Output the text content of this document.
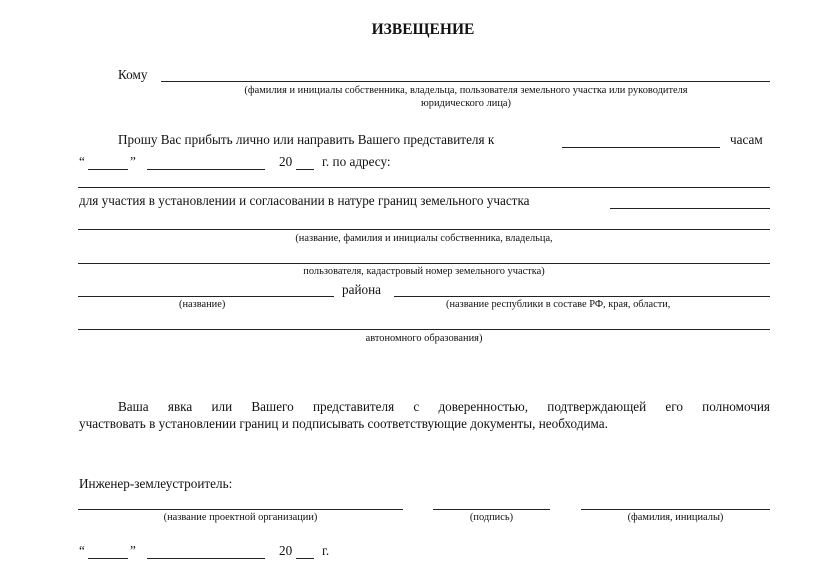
ИЗВЕЩЕНИЕ
Кому
(фамилия и инициалы собственника, владельца, пользователя земельного участка или руководителя
юридического лица)
Прошу Вас прибыть лично или направить Вашего представителя к	часам
“	”	20 г. по адресу:
для участия в установлении и согласовании в натуре границ земельного участка
(название, фамилия и инициалы собственника, владельца,
пользователя, кадастровый номер земельного участка)
района
(название)	(название республики в составе РФ, края, области,
автономного образования)
Ваша явка или Вашего представителя с доверенностью, подтверждающей его полномочия
участвовать в установлении границ и подписывать соответствующие документы, необходима.
Инженер-землеустроитель:
(название проектной организации)	(подпись)	(фамилия, инициалы)
“	”	20 г.
